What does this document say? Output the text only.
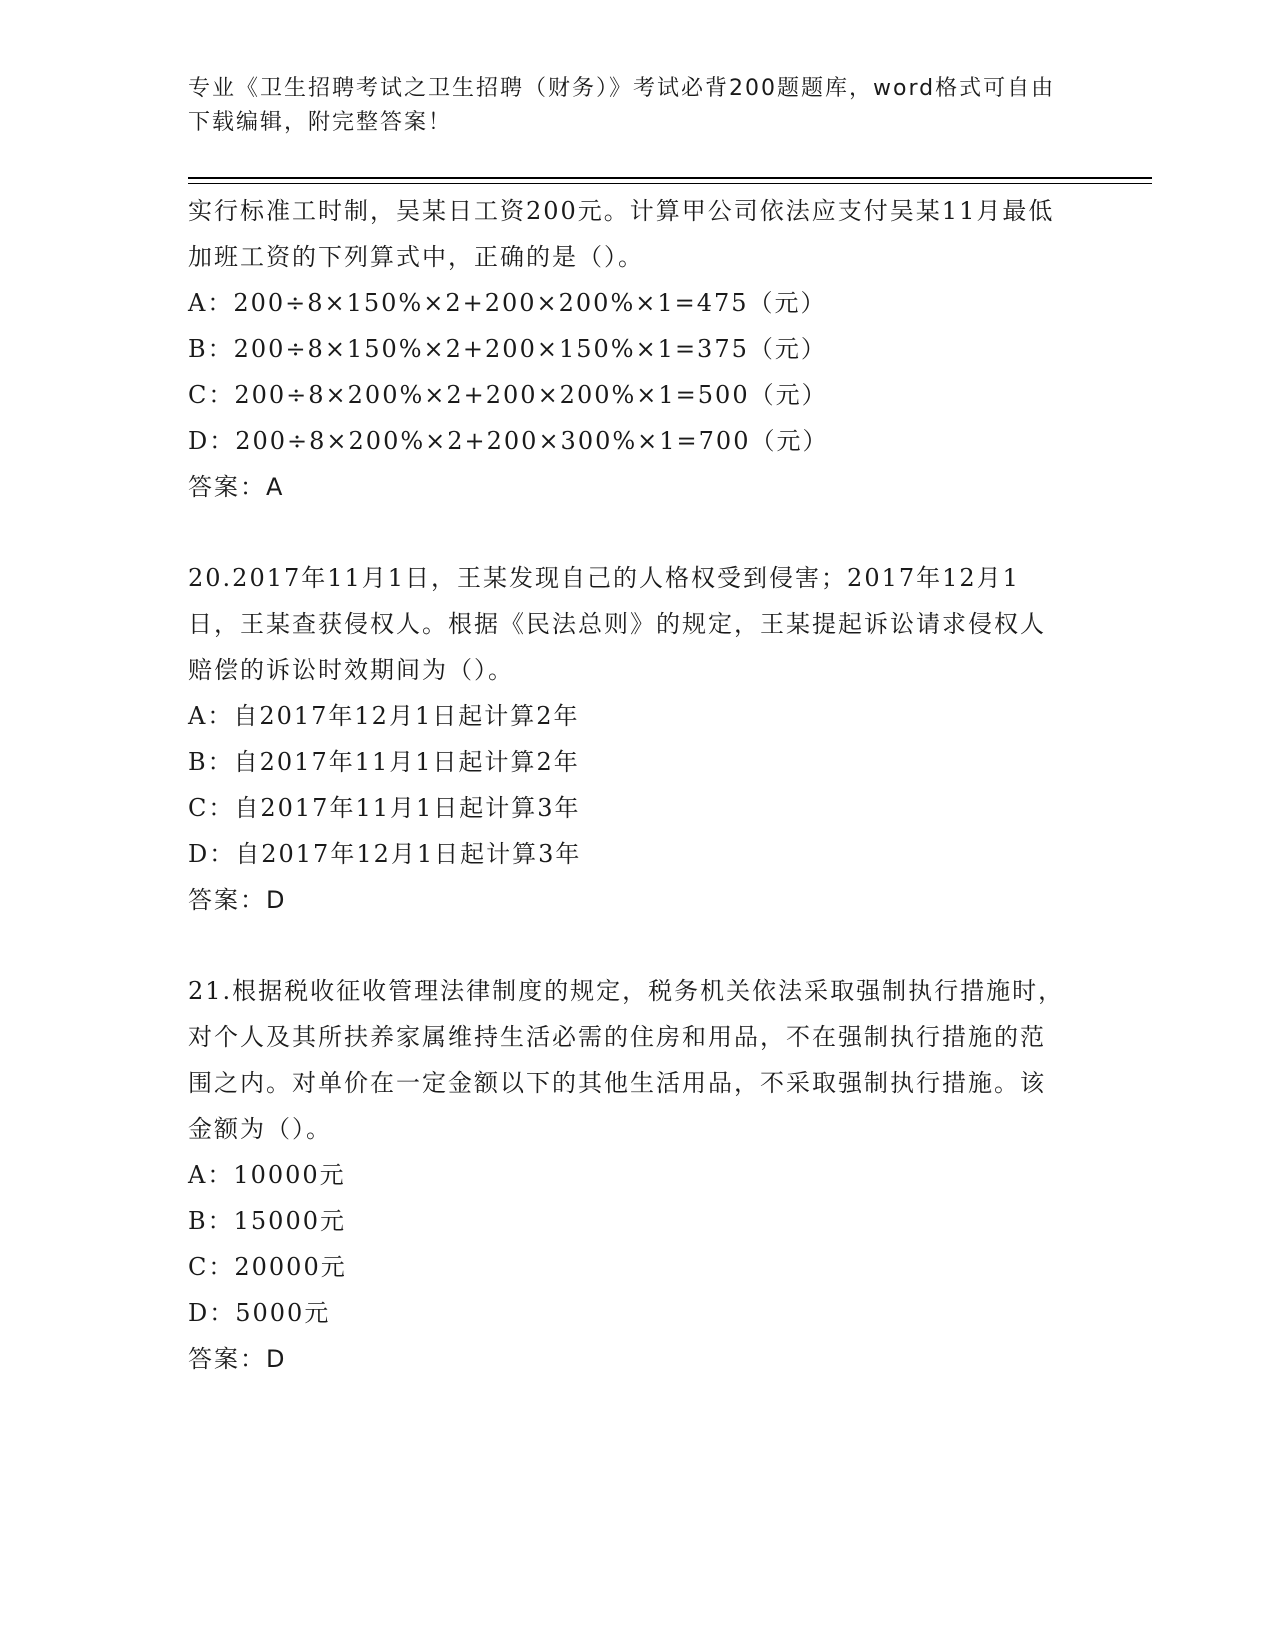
专业《卫生招聘考试之卫生招聘（财务）》考试必背200题题库，word格式可自由下载编辑，附完整答案！
实行标准工时制，吴某日工资200元。计算甲公司依法应支付吴某11月最低加班工资的下列算式中，正确的是（）。
A：200÷8×150%×2+200×200%×1=475（元）
B：200÷8×150%×2+200×150%×1=375（元）
C：200÷8×200%×2+200×200%×1=500（元）
D：200÷8×200%×2+200×300%×1=700（元）
答案：A
20.2017年11月1日，王某发现自己的人格权受到侵害；2017年12月1日，王某查获侵权人。根据《民法总则》的规定，王某提起诉讼请求侵权人赔偿的诉讼时效期间为（）。
A：自2017年12月1日起计算2年
B：自2017年11月1日起计算2年
C：自2017年11月1日起计算3年
D：自2017年12月1日起计算3年
答案：D
21.根据税收征收管理法律制度的规定，税务机关依法采取强制执行措施时，对个人及其所扶养家属维持生活必需的住房和用品，不在强制执行措施的范围之内。对单价在一定金额以下的其他生活用品，不采取强制执行措施。该金额为（）。
A：10000元
B：15000元
C：20000元
D：5000元
答案：D
